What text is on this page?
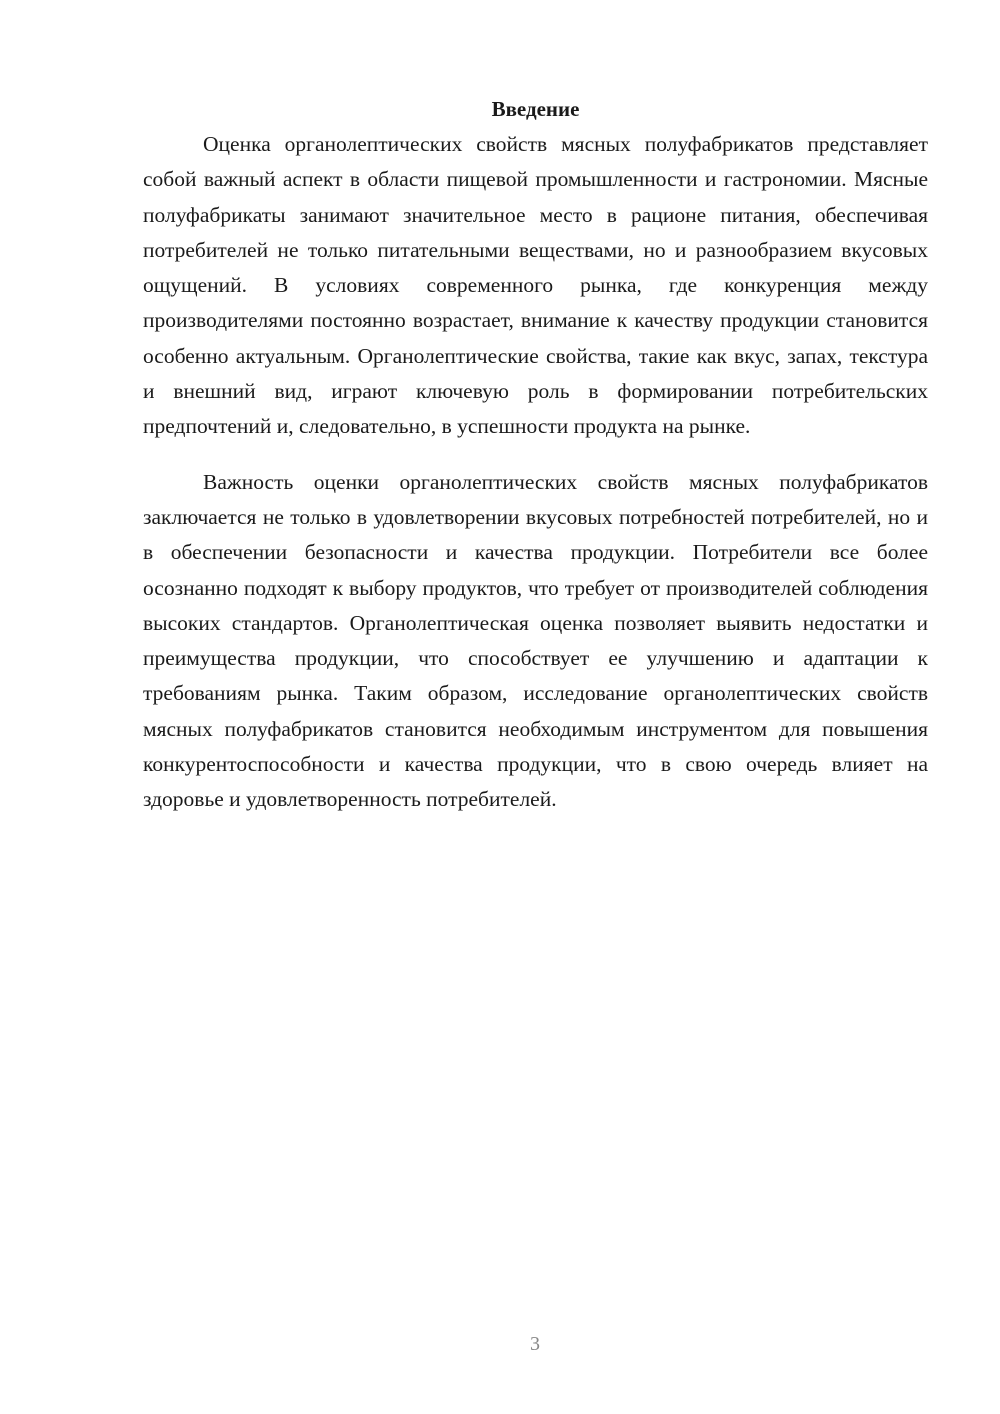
Введение

Оценка органолептических свойств мясных полуфабрикатов представляет собой важный аспект в области пищевой промышленности и гастрономии. Мясные полуфабрикаты занимают значительное место в рационе питания, обеспечивая потребителей не только питательными веществами, но и разнообразием вкусовых ощущений. В условиях современного рынка, где конкуренция между производителями постоянно возрастает, внимание к качеству продукции становится особенно актуальным. Органолептические свойства, такие как вкус, запах, текстура и внешний вид, играют ключевую роль в формировании потребительских предпочтений и, следовательно, в успешности продукта на рынке.

Важность оценки органолептических свойств мясных полуфабрикатов заключается не только в удовлетворении вкусовых потребностей потребителей, но и в обеспечении безопасности и качества продукции. Потребители все более осознанно подходят к выбору продуктов, что требует от производителей соблюдения высоких стандартов. Органолептическая оценка позволяет выявить недостатки и преимущества продукции, что способствует ее улучшению и адаптации к требованиям рынка. Таким образом, исследование органолептических свойств мясных полуфабрикатов становится необходимым инструментом для повышения конкурентоспособности и качества продукции, что в свою очередь влияет на здоровье и удовлетворенность потребителей.

3
